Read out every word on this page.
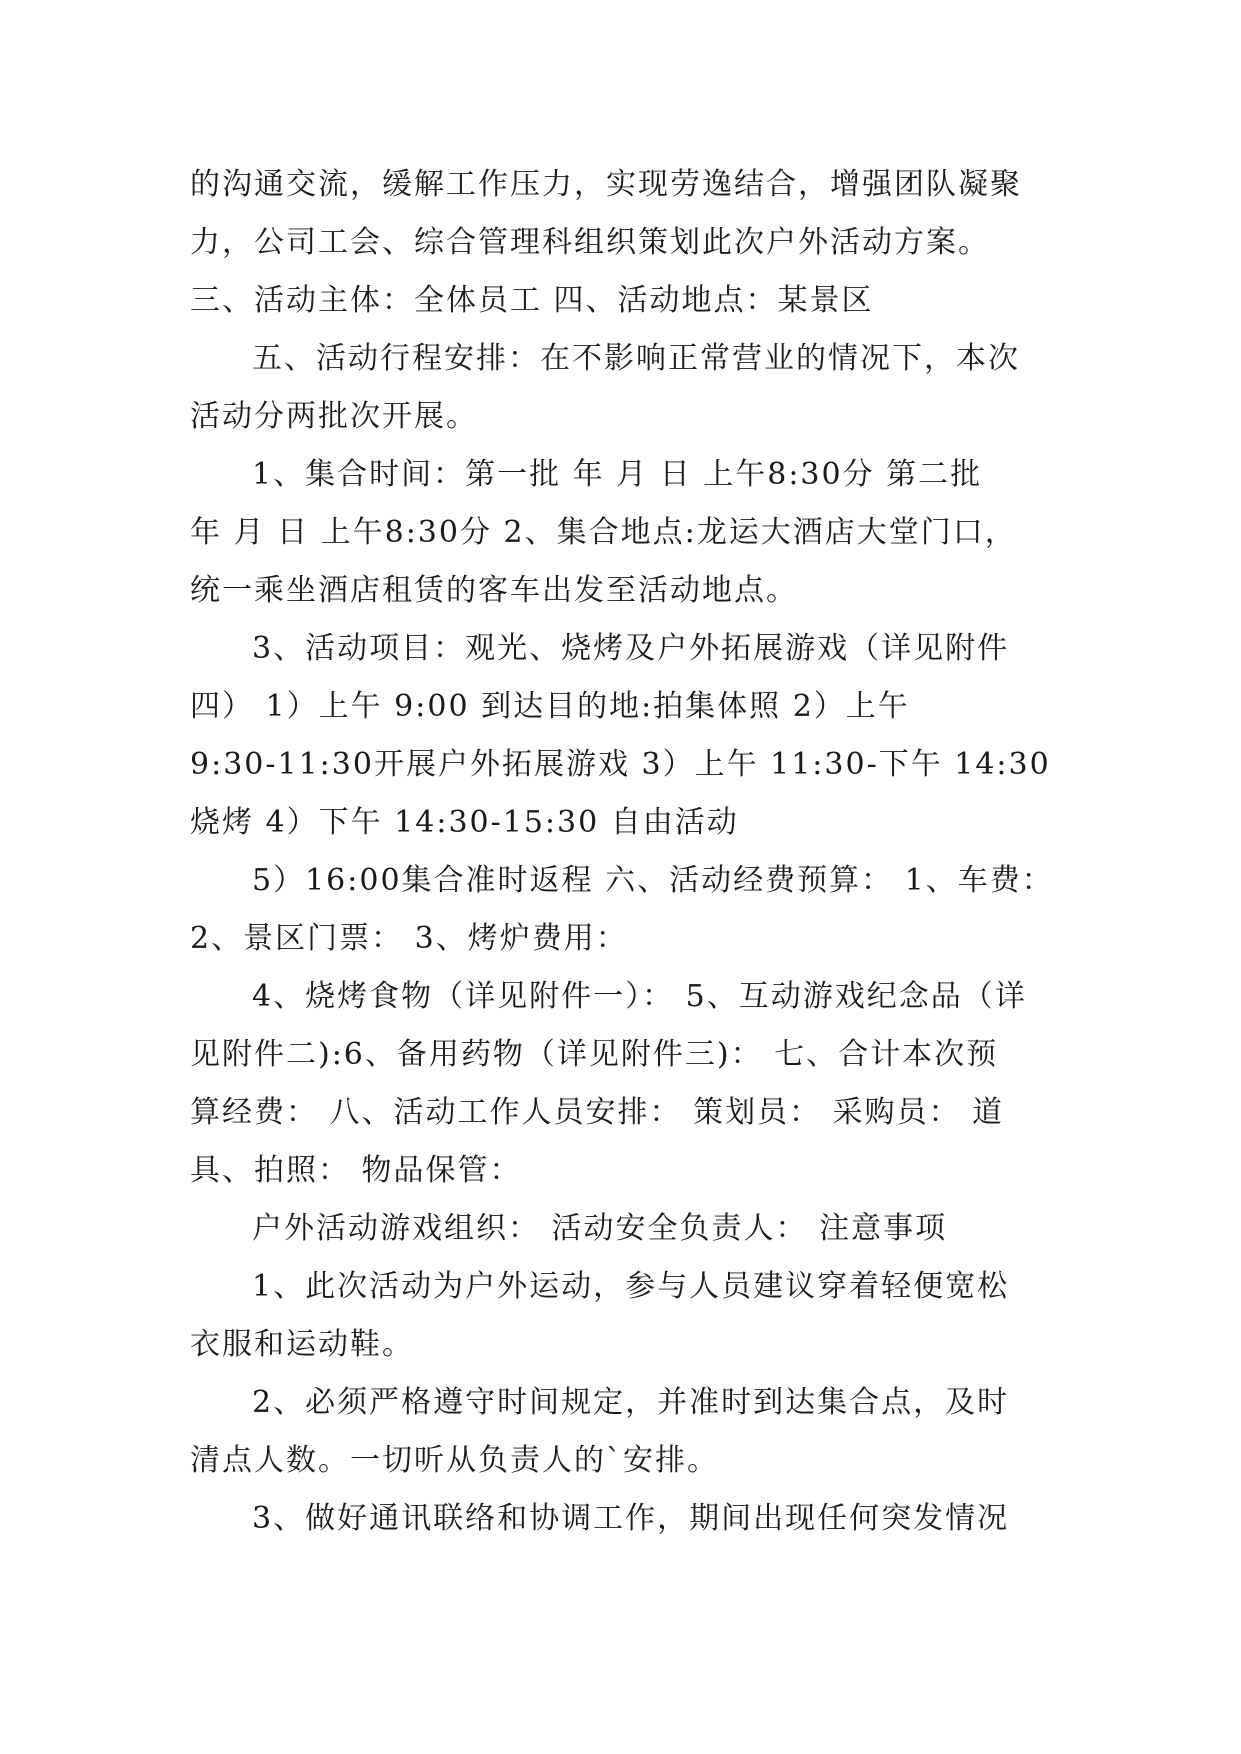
的沟通交流，缓解工作压力，实现劳逸结合，增强团队凝聚
力，公司工会、综合管理科组织策划此次户外活动方案。
三、活动主体：全体员工 四、活动地点：某景区
五、活动行程安排：在不影响正常营业的情况下，本次
活动分两批次开展。
1、集合时间：第一批 年 月 日 上午8:30分 第二批
年 月 日 上午8:30分 2、集合地点:龙运大酒店大堂门口，
统一乘坐酒店租赁的客车出发至活动地点。
3、活动项目：观光、烧烤及户外拓展游戏（详见附件
四） 1）上午 9:00 到达目的地:拍集体照 2）上午
9:30-11:30开展户外拓展游戏 3）上午 11:30-下午 14:30
烧烤 4）下午 14:30-15:30 自由活动
5）16:00集合准时返程 六、活动经费预算： 1、车费：
2、景区门票： 3、烤炉费用：
4、烧烤食物（详见附件一）： 5、互动游戏纪念品（详
见附件二):6、备用药物（详见附件三)： 七、合计本次预
算经费： 八、活动工作人员安排： 策划员： 采购员： 道
具、拍照： 物品保管：
户外活动游戏组织： 活动安全负责人： 注意事项
1、此次活动为户外运动，参与人员建议穿着轻便宽松
衣服和运动鞋。
2、必须严格遵守时间规定，并准时到达集合点，及时
清点人数。一切听从负责人的`安排。
3、做好通讯联络和协调工作，期间出现任何突发情况
